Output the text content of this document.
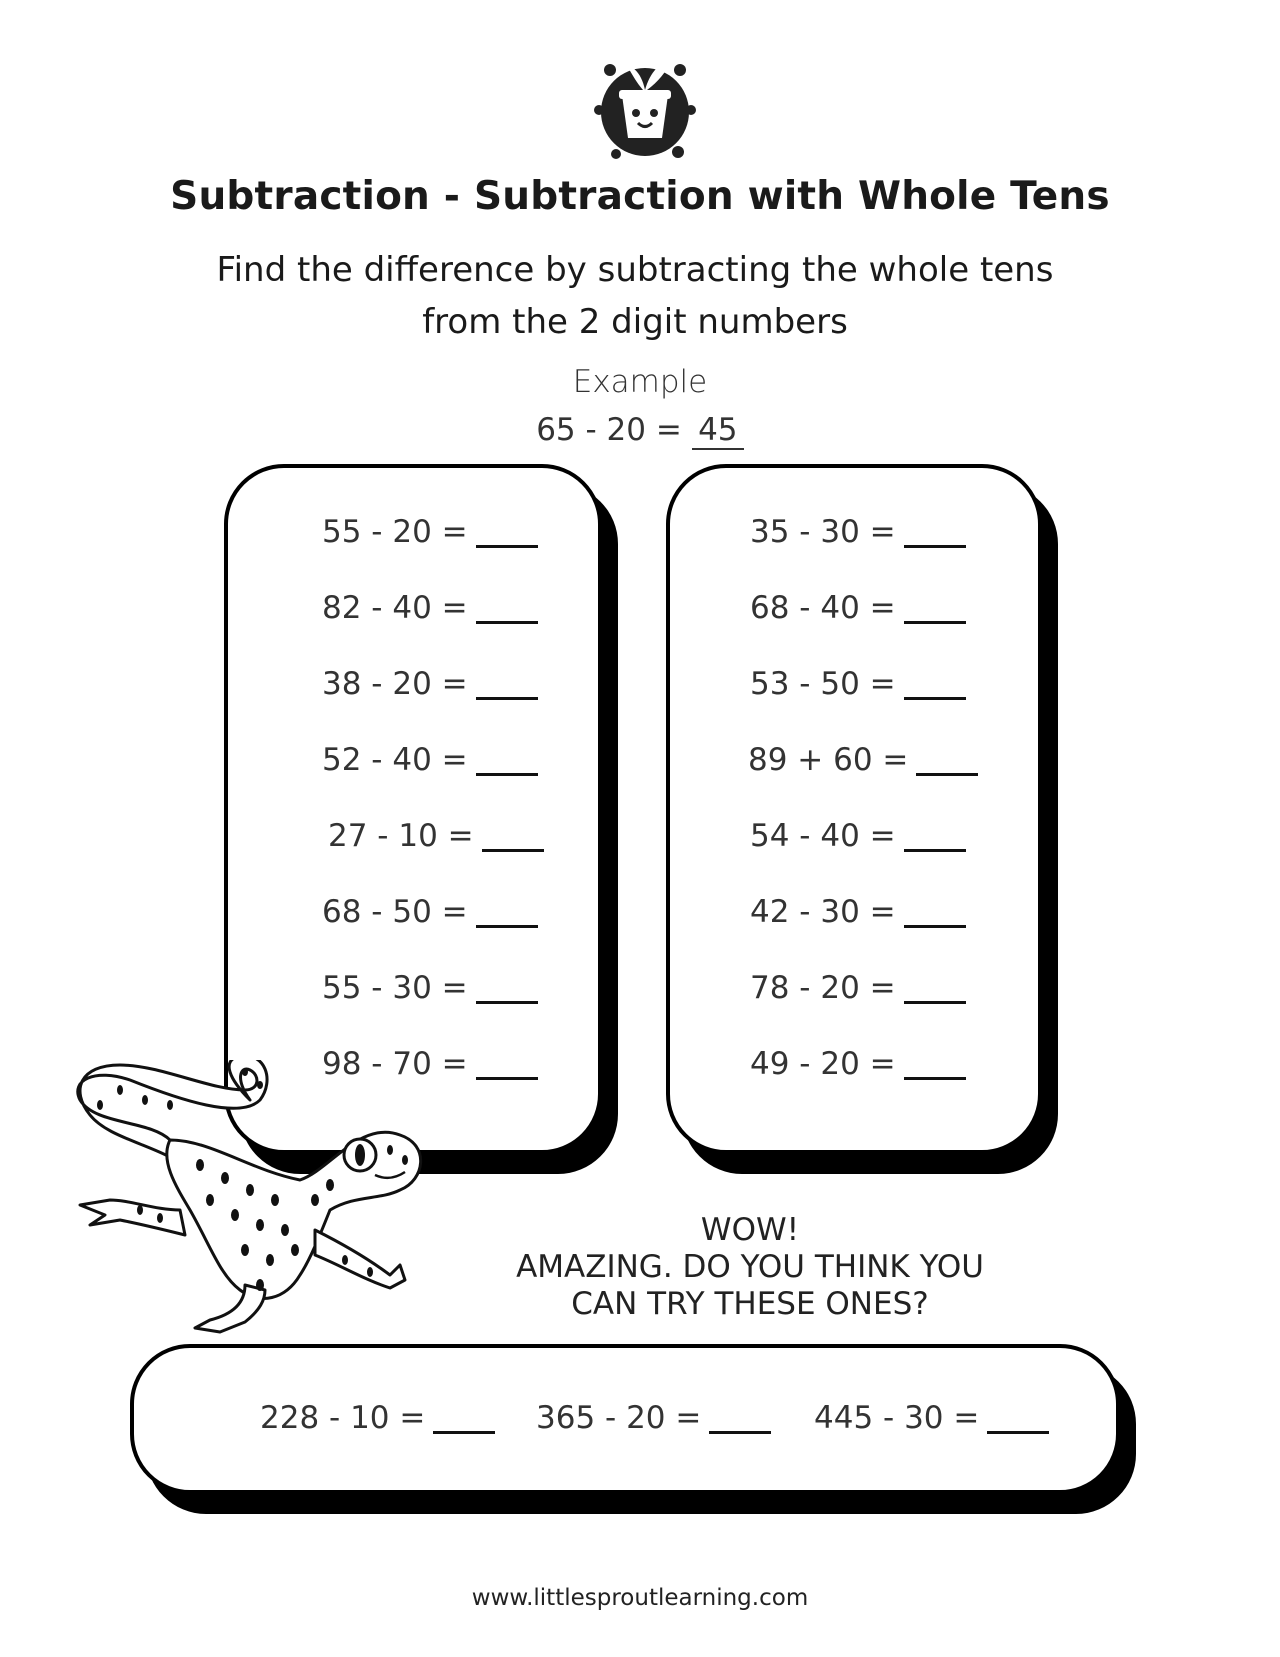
Subtraction - Subtraction with Whole Tens
Find the difference by subtracting the whole tens
from the 2 digit numbers
Example
65 - 20 = 45
55 - 20 =
82 - 40 =
38 - 20 =
52 - 40 =
27 - 10 =
68 - 50 =
55 - 30 =
98 - 70 =
35 - 30 =
68 - 40 =
53 - 50 =
89 + 60 =
54 - 40 =
42 - 30 =
78 - 20 =
49 - 20 =
WOW!
AMAZING. DO YOU THINK YOU
CAN TRY THESE ONES?
228 - 10 =	365 - 20 =	445 - 30 =
www.littlesproutlearning.com
